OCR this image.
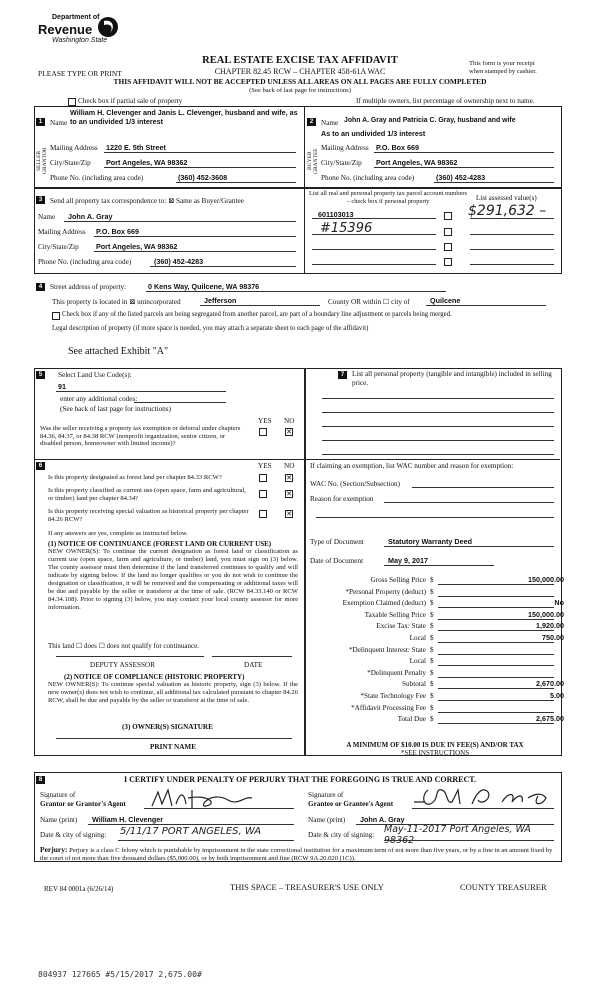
Department of
Revenue
Washington State
PLEASE TYPE OR PRINT
REAL ESTATE EXCISE TAX AFFIDAVIT
CHAPTER 82.45 RCW – CHAPTER 458-61A WAC
THIS AFFIDAVIT WILL NOT BE ACCEPTED UNLESS ALL AREAS ON ALL PAGES ARE FULLY COMPLETED
(See back of last page for instructions)
This form is your receipt
when stamped by cashier.
Check box if partial sale of property	If multiple owners, list percentage of ownership next to name.
1
SELLER GRANTOR
Name
William H. Clevenger and Janis L. Clevenger, husband and wife, as to an undivided 1/3 interest
Mailing Address 1220 E. 5th Street
City/State/Zip Port Angeles, WA 98362
Phone No. (including area code)	(360) 452-3608
2
BUYER GRANTEE
Name John A. Gray and Patricia C. Gray, husband and wife
As to an undivided 1/3 interest
Mailing Address P.O. Box 669
City/State/Zip Port Angeles, WA 98362
Phone No. (including area code)	(360) 452-4283
3	Send all property tax correspondence to: ⊠ Same as Buyer/Grantee
Name John A. Gray
Mailing Address P.O. Box 669
City/State/Zip Port Angeles, WA 98362
Phone No. (including area code)	(360) 452-4283
List all real and personal property tax parcel account numbers – check box if personal property	List assessed value(s)
601103013	$291,632 –
#15396
4	Street address of property:	0 Kens Way, Quilcene, WA 98376
This property is located in ⊠ unincorporated	Jefferson	County OR within ☐ city of	Quilcene
Check box if any of the listed parcels are being segregated from another parcel, are part of a boundary line adjustment or parcels being merged.
Legal description of property (if more space is needed, you may attach a separate sheet to each page of the affidavit)
See attached Exhibit "A"
5	Select Land Use Code(s):
91
enter any additional codes:
(See back of last page for instructions)
YES NO
Was the seller receiving a property tax exemption or deferral under chapters 84.36, 84.37, or 84.38 RCW (nonprofit organization, senior citizen, or disabled person, homeowner with limited income)?
✕
6	YES NO
Is this property designated as forest land per chapter 84.33 RCW?	✕
Is this property classified as current use (open space, farm and agricultural, or timber) land per chapter 84.34?	✕
Is this property receiving special valuation as historical property per chapter 84.26 RCW?
✕
If any answers are yes, complete as instructed below.
(1) NOTICE OF CONTINUANCE (FOREST LAND OR CURRENT USE)
NEW OWNER(S): To continue the current designation as forest land or classification as current use (open space, farm and agriculture, or timber) land, you must sign on (3) below. The county assessor must then determine if the land transferred continues to qualify and will indicate by signing below. If the land no longer qualifies or you do not wish to continue the designation or classification, it will be removed and the compensating or additional taxes will be due and payable by the seller or transferor at the time of sale. (RCW 84.33.140 or RCW 84.34.108). Prior to signing (3) below, you may contact your local county assessor for more information.
This land ☐ does ☐ does not qualify for continuance.
DEPUTY ASSESSOR	DATE
(2) NOTICE OF COMPLIANCE (HISTORIC PROPERTY)
NEW OWNER(S): To continue special valuation as historic property, sign (3) below. If the new owner(s) does not wish to continue, all additional tax calculated pursuant to chapter 84.26 RCW, shall be due and payable by the seller or transferor at the time of sale.
(3) OWNER(S) SIGNATURE
PRINT NAME
7	List all personal property (tangible and intangible) included in selling price.
If claiming an exemption, list WAC number and reason for exemption:
WAC No. (Section/Subsection)
Reason for exemption
Type of Document	Statutory Warranty Deed
Date of Document	May 9, 2017
Gross Selling Price $	150,000.00
*Personal Property (deduct) $
Exemption Claimed (deduct) $	No
Taxable Selling Price $	150,000.00
Excise Tax: State $	1,920.00
Local $	750.00
*Delinquent Interest: State $
Local $
*Delinquent Penalty $
Subtotal $	2,670.00
*State Technology Fee $	5.00
*Affidavit Processing Fee $
Total Due $	2,675.00
A MINIMUM OF $10.00 IS DUE IN FEE(S) AND/OR TAX
*SEE INSTRUCTIONS
8	I CERTIFY UNDER PENALTY OF PERJURY THAT THE FOREGOING IS TRUE AND CORRECT.
Signature of
Grantor or Grantor's Agent
Signature of
Grantee or Grantee's Agent
Name (print) William H. Clevenger	Name (print) John A. Gray
Date & city of signing: 5/11/17 PORT ANGELES, WA	Date & city of signing: May-11-2017 Port Angeles, WA 98362
Perjury: Perjury is a class C felony which is punishable by imprisonment in the state correctional institution for a maximum term of not more than five years, or by a fine in an amount fixed by the court of not more than five thousand dollars ($5,000.00), or by both imprisonment and fine (RCW 9A.20.020 (1C)).
REV 84 0001a (6/26/14)	THIS SPACE – TREASURER'S USE ONLY	COUNTY TREASURER
804937 127665 #5/15/2017 2,675.00#
